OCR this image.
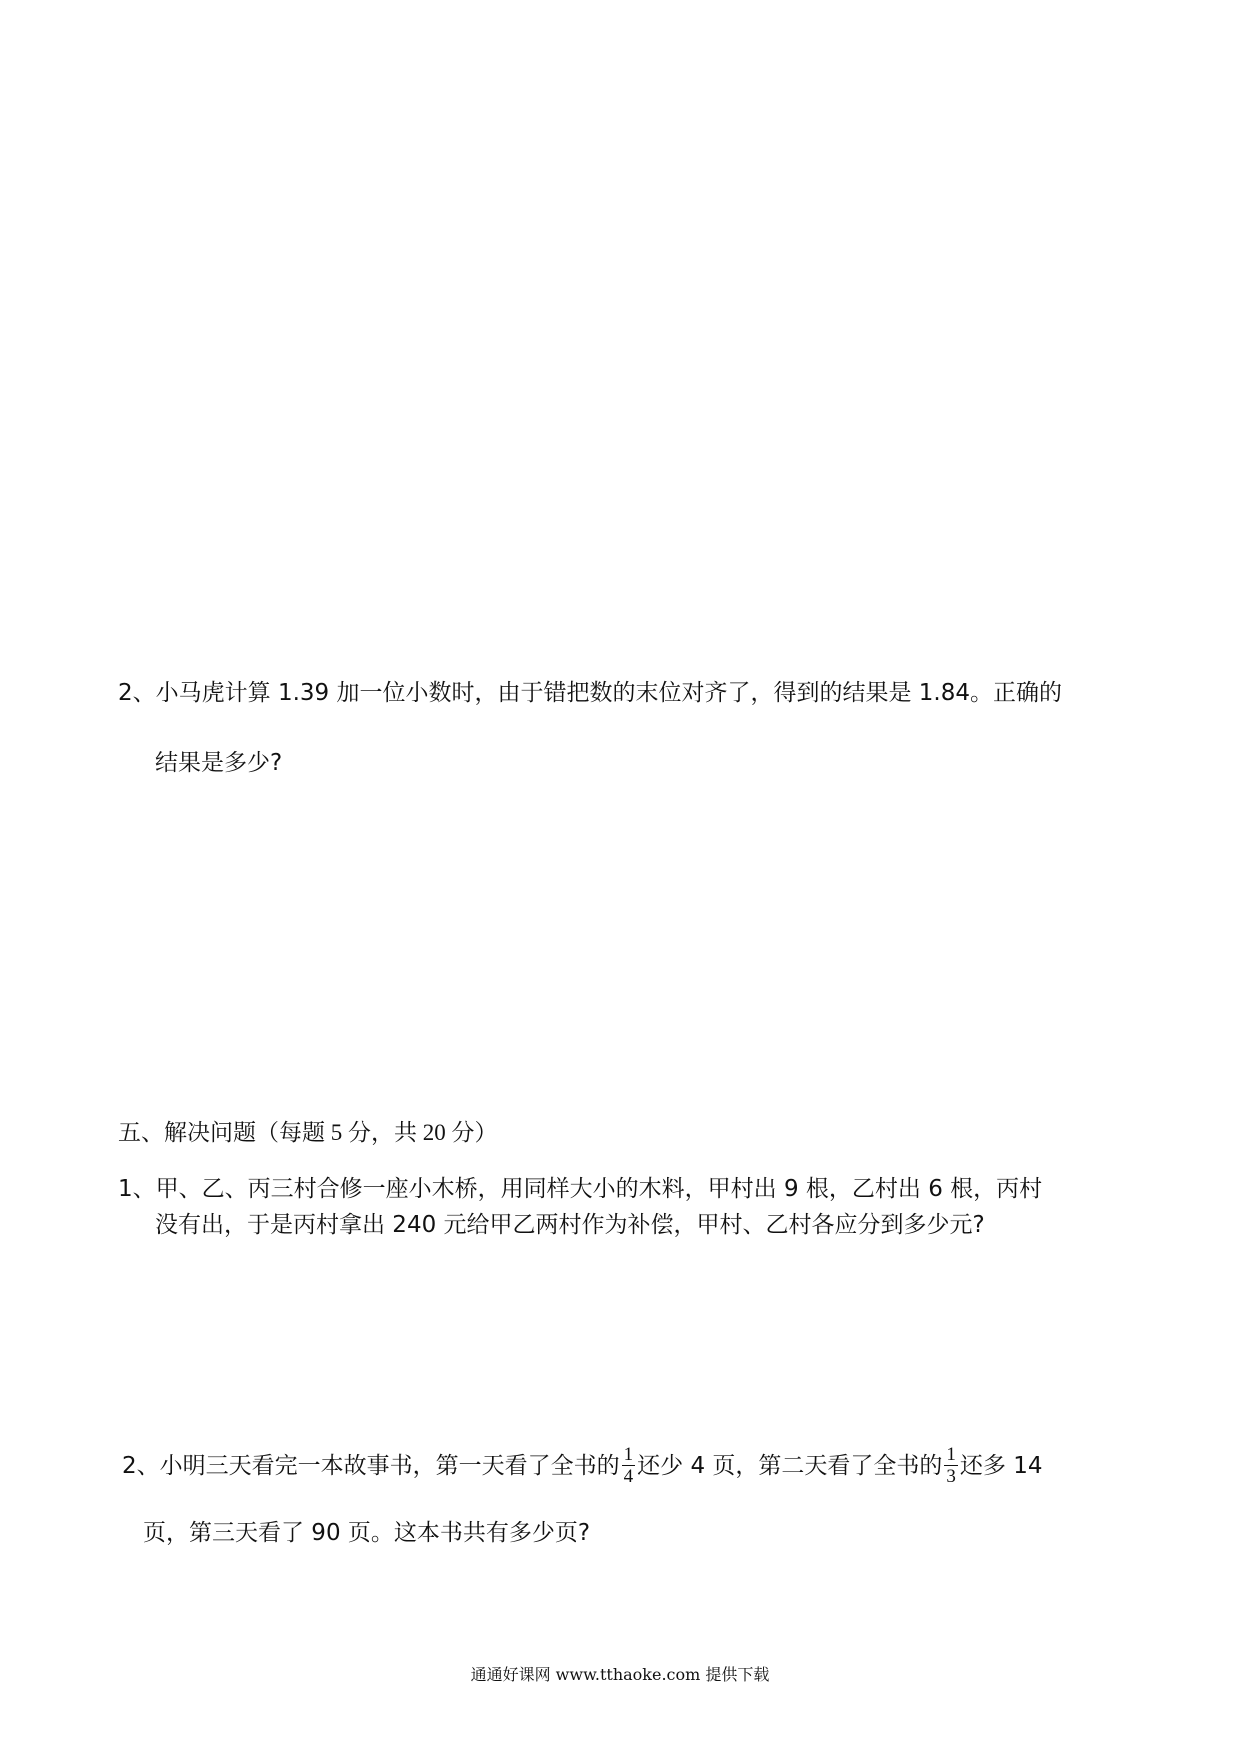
2、小马虎计算 1.39 加一位小数时，由于错把数的末位对齐了，得到的结果是 1.84。正确的
结果是多少?
五、解决问题（每题 5 分，共 20 分）
1、甲、乙、丙三村合修一座小木桥，用同样大小的木料，甲村出 9 根，乙村出 6 根，丙村
没有出，于是丙村拿出 240 元给甲乙两村作为补偿，甲村、乙村各应分到多少元?
2、小明三天看完一本故事书，第一天看了全书的 $\frac{1}{4}$ 还少 4 页，第二天看了全书的 $\frac{1}{3}$ 还多 14
页，第三天看了 90 页。这本书共有多少页?
通通好课网 www.tthaoke.com 提供下载
